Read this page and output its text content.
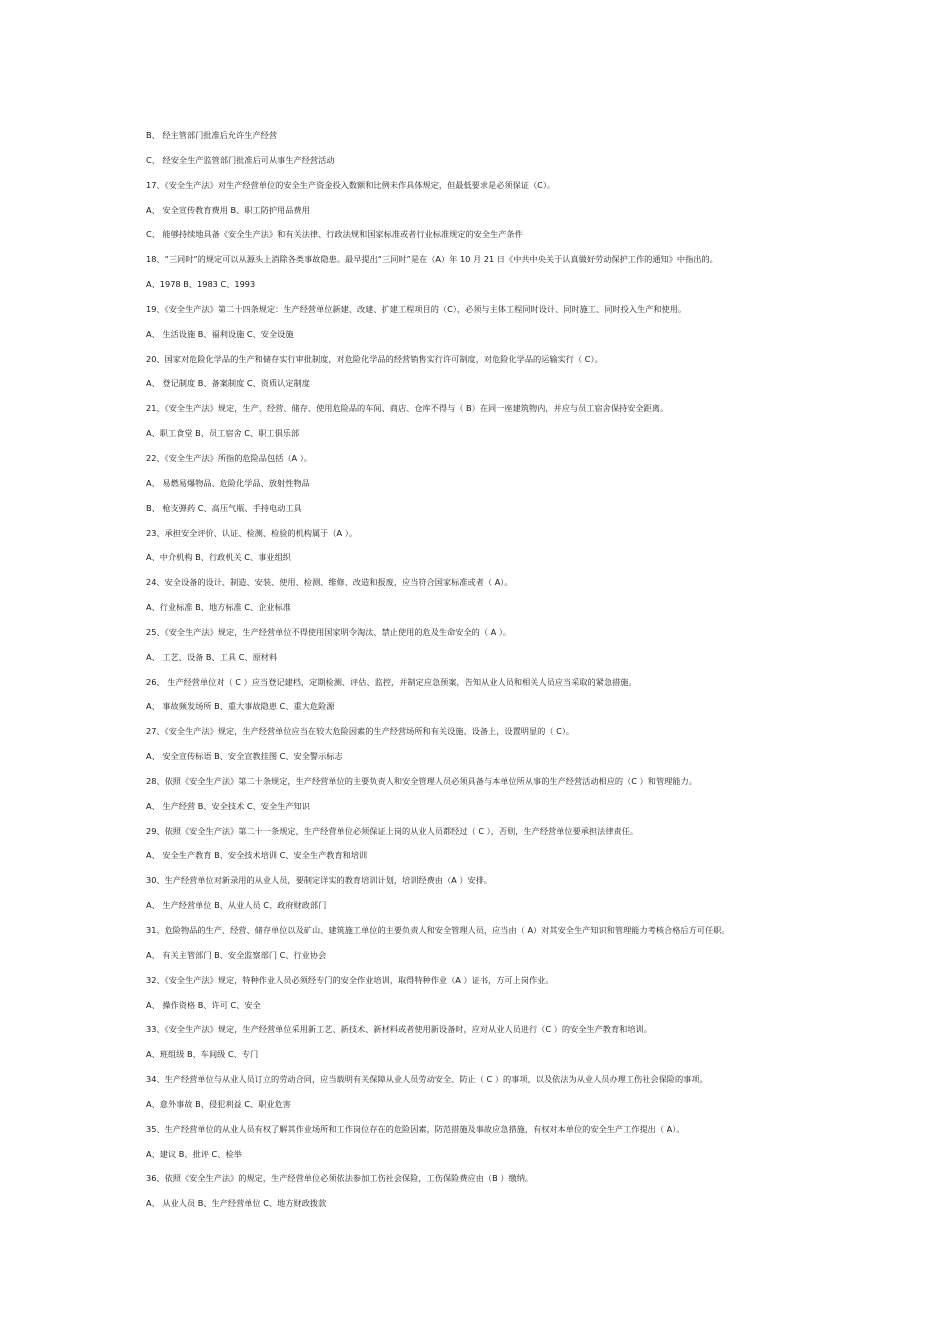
B、 经主管部门批准后允许生产经营

C、 经安全生产监管部门批准后可从事生产经营活动

17、《安全生产法》对生产经营单位的安全生产资金投入数额和比例未作具体规定，但最低要求是必须保证（C）。

A、 安全宣传教育费用 B、职工防护用品费用

C、 能够持续地具备《安全生产法》和有关法律、行政法规和国家标准或者行业标准规定的安全生产条件

18、“三同时”的规定可以从源头上消除各类事故隐患。最早提出“三同时”是在（A）年 10 月 21 日《中共中央关于认真做好劳动保护工作的通知》中指出的。

A、1978 B、1983 C、1993

19、《安全生产法》第二十四条规定：生产经营单位新建、改建、扩建工程项目的（C），必须与主体工程同时设计、同时施工、同时投入生产和使用。

A、 生活设施 B、福利设施 C、安全设施

20、国家对危险化学品的生产和储存实行审批制度，对危险化学品的经营销售实行许可制度，对危险化学品的运输实行（ C）。

A、 登记制度 B、备案制度 C、资质认定制度

21、《安全生产法》规定，生产、经营、储存、使用危险品的车间、商店、仓库不得与（ B）在同一座建筑物内，并应与员工宿舍保持安全距离。

A、职工食堂 B、员工宿舍 C、职工俱乐部

22、《安全生产法》所指的危险品包括（A ）。

A、 易燃易爆物品、危险化学品、放射性物品

B、 枪支弹药 C、高压气瓶、手持电动工具

23、承担安全评价、认证、检测、检验的机构属于（A ）。

A、中介机构 B、行政机关 C、事业组织

24、安全设备的设计、制造、安装、使用、检测、维修、改造和报废，应当符合国家标准或者（ A）。

A、行业标准 B、地方标准 C、企业标准

25、《安全生产法》规定，生产经营单位不得使用国家明令淘汰、禁止使用的危及生命安全的（ A ）。

A、 工艺、设备 B、工具 C、原材料

26、 生产经营单位对（ C ）应当登记建档，定期检测、评估、监控，并制定应急预案，告知从业人员和相关人员应当采取的紧急措施。

A、 事故频发场所 B、重大事故隐患 C、重大危险源

27、《安全生产法》规定，生产经营单位应当在较大危险因素的生产经营场所和有关设施、设备上，设置明显的（ C）。

A、 安全宣传标语 B、安全宣教挂图 C、安全警示标志

28、依照《安全生产法》第二十条规定，生产经营单位的主要负责人和安全管理人员必须具备与本单位所从事的生产经营活动相应的（C ）和管理能力。

A、 生产经营 B、安全技术 C、安全生产知识

29、依照《安全生产法》第二十一条规定，生产经营单位必须保证上岗的从业人员都经过（ C ），否则，生产经营单位要承担法律责任。

A、 安全生产教育 B、安全技术培训 C、安全生产教育和培训

30、生产经营单位对新录用的从业人员，要制定详实的教育培训计划，培训经费由（A ）安排。

A、 生产经营单位 B、从业人员 C、政府财政部门

31、危险物品的生产、经营、储存单位以及矿山、建筑施工单位的主要负责人和安全管理人员，应当由（ A）对其安全生产知识和管理能力考核合格后方可任职。

A、 有关主管部门 B、安全监察部门 C、行业协会

32、《安全生产法》规定，特种作业人员必须经专门的安全作业培训，取得特种作业（A ）证书，方可上岗作业。

A、 操作资格 B、许可 C、安全

33、《安全生产法》规定，生产经营单位采用新工艺、新技术、新材料或者使用新设备时，应对从业人员进行（C ）的安全生产教育和培训。

A、班组级 B、车间级 C、专门

34、生产经营单位与从业人员订立的劳动合同，应当载明有关保障从业人员劳动安全、防止（ C ）的事项，以及依法为从业人员办理工伤社会保险的事项。

A、意外事故 B、侵犯利益 C、职业危害

35、生产经营单位的从业人员有权了解其作业场所和工作岗位存在的危险因素，防范措施及事故应急措施，有权对本单位的安全生产工作提出（ A）。

A、建议 B、批评 C、检举

36、依照《安全生产法》的规定，生产经营单位必须依法参加工伤社会保险，工伤保险费应由（B ）缴纳。

A、 从业人员 B、生产经营单位 C、地方财政拨款
